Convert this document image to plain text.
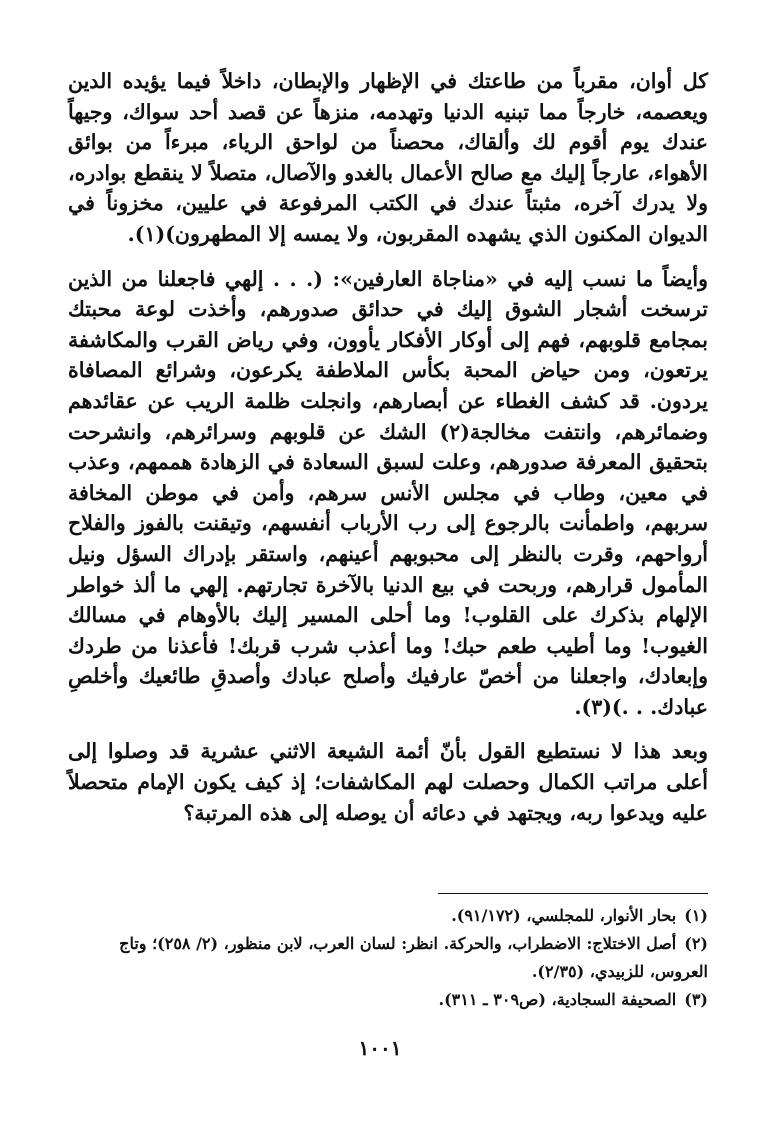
كل أوان، مقرباً من طاعتك في الإظهار والإبطان، داخلاً فيما يؤيده الدين ويعصمه، خارجاً مما تبنيه الدنيا وتهدمه، منزهاً عن قصد أحد سواك، وجيهاً عندك يوم أقوم لك وألقاك، محصناً من لواحق الرياء، مبرءاً من بوائق الأهواء، عارجاً إليك مع صالح الأعمال بالغدو والآصال، متصلاً لا ينقطع بوادره، ولا يدرك آخره، مثبتاً عندك في الكتب المرفوعة في عليين، مخزوناً في الديوان المكنون الذي يشهده المقربون، ولا يمسه إلا المطهرون)(١).

وأيضاً ما نسب إليه في «مناجاة العارفين»: (. . . إلهي فاجعلنا من الذين ترسخت أشجار الشوق إليك في حدائق صدورهم، وأخذت لوعة محبتك بمجامع قلوبهم، فهم إلى أوكار الأفكار يأوون، وفي رياض القرب والمكاشفة يرتعون، ومن حياض المحبة بكأس الملاطفة يكرعون، وشرائع المصافاة يردون. قد كشف الغطاء عن أبصارهم، وانجلت ظلمة الريب عن عقائدهم وضمائرهم، وانتفت مخالجة(٢) الشك عن قلوبهم وسرائرهم، وانشرحت بتحقيق المعرفة صدورهم، وعلت لسبق السعادة في الزهادة هممهم، وعذب في معين، وطاب في مجلس الأنس سرهم، وأمن في موطن المخافة سربهم، واطمأنت بالرجوع إلى رب الأرباب أنفسهم، وتيقنت بالفوز والفلاح أرواحهم، وقرت بالنظر إلى محبوبهم أعينهم، واستقر بإدراك السؤل ونيل المأمول قرارهم، وربحت في بيع الدنيا بالآخرة تجارتهم. إلهي ما ألذ خواطر الإلهام بذكرك على القلوب! وما أحلى المسير إليك بالأوهام في مسالك الغيوب! وما أطيب طعم حبك! وما أعذب شرب قربك! فأعذنا من طردك وإبعادك، واجعلنا من أخصّ عارفيك وأصلح عبادك وأصدقِ طائعيك وأخلصِ عبادك. . .)(٣).

وبعد هذا لا نستطيع القول بأنّ أئمة الشيعة الاثني عشرية قد وصلوا إلى أعلى مراتب الكمال وحصلت لهم المكاشفات؛ إذ كيف يكون الإمام متحصلاً عليه ويدعوا ربه، ويجتهد في دعائه أن يوصله إلى هذه المرتبة؟

(١)بحار الأنوار، للمجلسي، (٩١/١٧٢).

(٢)أصل الاختلاج: الاضطراب، والحركة. انظر: لسان العرب، لابن منظور، (٢/ ٢٥٨)؛ وتاج العروس، للزبيدي، (٢/٣٥).

(٣)الصحيفة السجادية، (ص٣٠٩ ـ ٣١١).

١٠٠١
